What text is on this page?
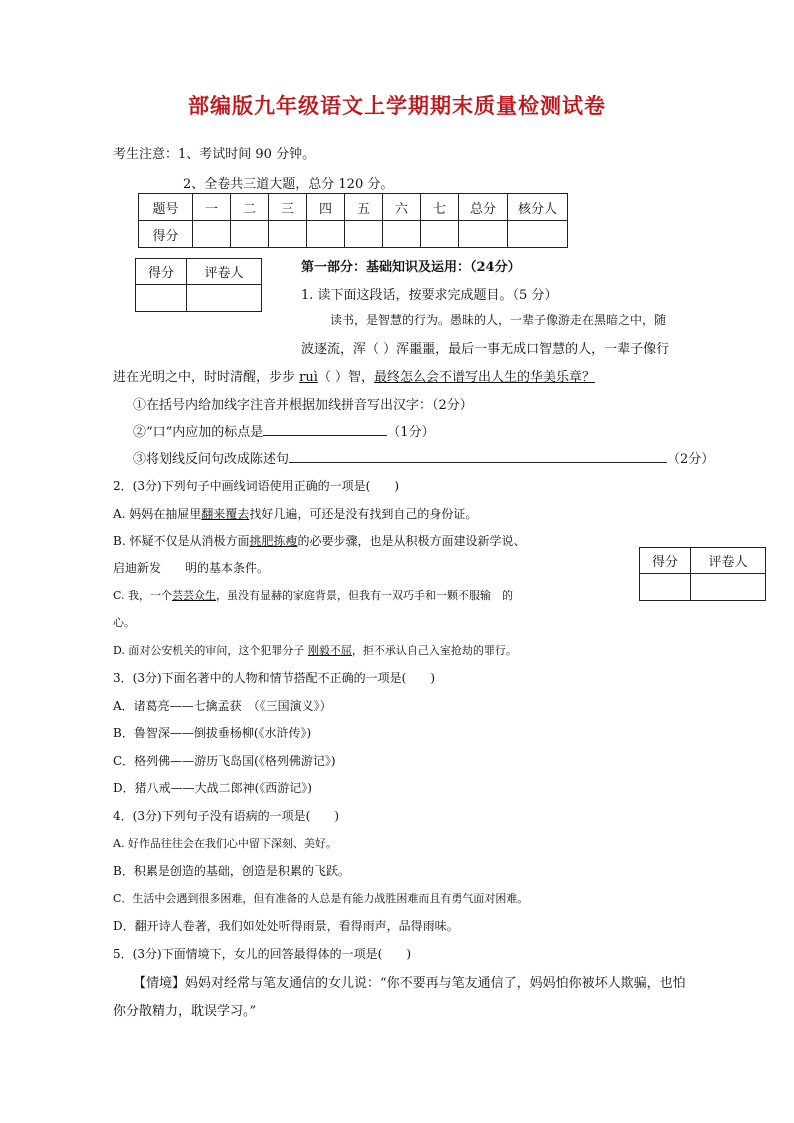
部编版九年级语文上学期期末质量检测试卷
考生注意：1、考试时间 90 分钟。
2、全卷共三道大题，总分 120 分。
题号	一	二	三	四	五	六	七	总分	核分人
得分									
得分	评卷人
		第一部分：基础知识及运用：（24分）
1. 读下面这段话，按要求完成题目。（5 分）
读书，是智慧的行为。愚昧的人，一辈子像游走在黑暗之中，随
波逐流，浑（ ）浑噩噩，最后一事无成口智慧的人，一辈子像行
进在光明之中，时时清醒，步步 ruì（ ）智，最终怎么会不谱写出人生的华美乐章？
①在括号内给加线字注音并根据加线拼音写出汉字：（2分）
②“口”内应加的标点是	（1分）
③将划线反问句改成陈述句	（2分）
2．(3分)下列句子中画线词语使用正确的一项是(　　)
A. 妈妈在抽屉里翻来覆去找好几遍，可还是没有找到自己的身份证。
B. 怀疑不仅是从消极方面挑肥拣瘦的必要步骤，也是从积极方面建设新学说、
启迪新发　　明的基本条件。
C. 我，一个芸芸众生，虽没有显赫的家庭背景，但我有一双巧手和一颗不服输　的
心。
D. 面对公安机关的审问，这个犯罪分子 刚毅不屈，拒不承认自己入室抢劫的罪行。
得分	评卷人

3．(3分)下面名著中的人物和情节搭配不正确的一项是(　　)
A．诸葛亮——七擒孟获　（《三国演义》）
B．鲁智深——倒拔垂杨柳(《水浒传》)
C．格列佛——游历飞岛国(《格列佛游记》)
D．猪八戒——大战二郎神(《西游记》)
4．(3分)下列句子没有语病的一项是(　　)
A. 好作品往往会在我们心中留下深刻、美好。
B．积累是创造的基础，创造是积累的飞跃。
C．生活中会遇到很多困难，但有准备的人总是有能力战胜困难而且有勇气面对困难。
D．翻开诗人卷著，我们如处处听得雨景，看得雨声，品得雨味。
5．(3分)下面情境下，女儿的回答最得体的一项是(　　)
【情境】妈妈对经常与笔友通信的女儿说：“你不要再与笔友通信了，妈妈怕你被坏人欺骗，也怕
你分散精力，耽误学习。”
